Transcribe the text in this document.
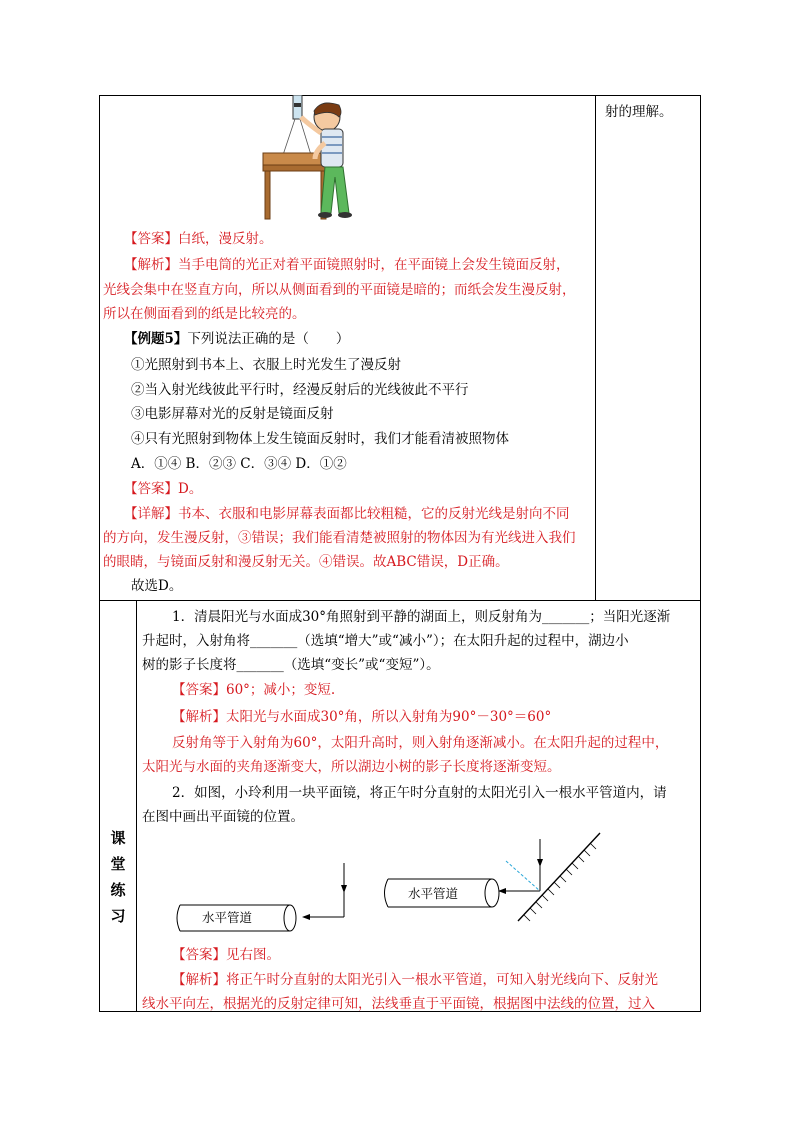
射的理解。
【答案】白纸，漫反射。
【解析】当手电筒的光正对着平面镜照射时，在平面镜上会发生镜面反射，
光线会集中在竖直方向，所以从侧面看到的平面镜是暗的；而纸会发生漫反射，
所以在侧面看到的纸是比较亮的。
【例题5】下列说法正确的是（　　）
①光照射到书本上、衣服上时光发生了漫反射
②当入射光线彼此平行时，经漫反射后的光线彼此不平行
③电影屏幕对光的反射是镜面反射
④只有光照射到物体上发生镜面反射时，我们才能看清被照物体
A．①④ B．②③ C．③④ D．①②
【答案】D。
【详解】书本、衣服和电影屏幕表面都比较粗糙，它的反射光线是射向不同
的方向，发生漫反射，③错误；我们能看清楚被照射的物体因为有光线进入我们
的眼睛，与镜面反射和漫反射无关。④错误。故ABC错误，D正确。
故选D。
课
堂
练
习
1．清晨阳光与水面成30°角照射到平静的湖面上，则反射角为_______；当阳光逐渐
升起时，入射角将_______（选填“增大”或“减小”）；在太阳升起的过程中，湖边小
树的影子长度将_______（选填“变长”或“变短”）。
【答案】60°；减小；变短.
【解析】太阳光与水面成30°角，所以入射角为90°－30°＝60°
反射角等于入射角为60°，太阳升高时，则入射角逐渐减小。在太阳升起的过程中，
太阳光与水面的夹角逐渐变大，所以湖边小树的影子长度将逐渐变短。
2．如图，小玲利用一块平面镜，将正午时分直射的太阳光引入一根水平管道内，请
在图中画出平面镜的位置。
水平管道
水平管道
【答案】见右图。
【解析】将正午时分直射的太阳光引入一根水平管道，可知入射光线向下、反射光
线水平向左，根据光的反射定律可知，法线垂直于平面镜，根据图中法线的位置，过入
